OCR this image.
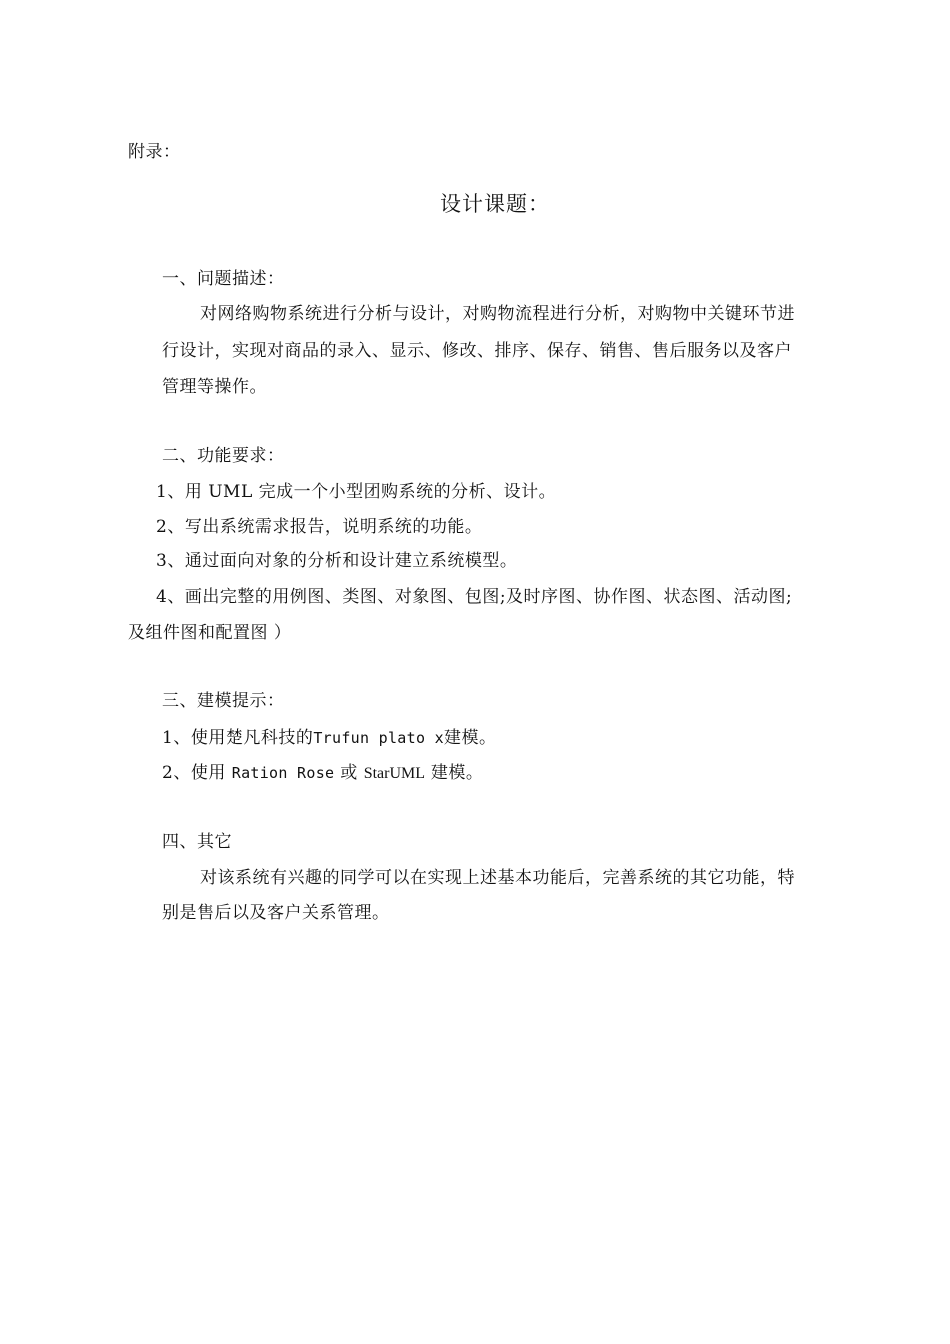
附录：
设计课题：
一、问题描述：
对网络购物系统进行分析与设计，对购物流程进行分析，对购物中关键环节进
行设计，实现对商品的录入、显示、修改、排序、保存、销售、售后服务以及客户
管理等操作。
二、功能要求：
1、用 UML 完成一个小型团购系统的分析、设计。
2、写出系统需求报告，说明系统的功能。
3、通过面向对象的分析和设计建立系统模型。
4、画出完整的用例图、类图、对象图、包图;及时序图、协作图、状态图、活动图;
及组件图和配置图 ）
三、建模提示：
1、使用楚凡科技的Trufun plato x建模。
2、使用 Ration Rose 或 StarUML 建模。
四、其它
对该系统有兴趣的同学可以在实现上述基本功能后，完善系统的其它功能，特
别是售后以及客户关系管理。
